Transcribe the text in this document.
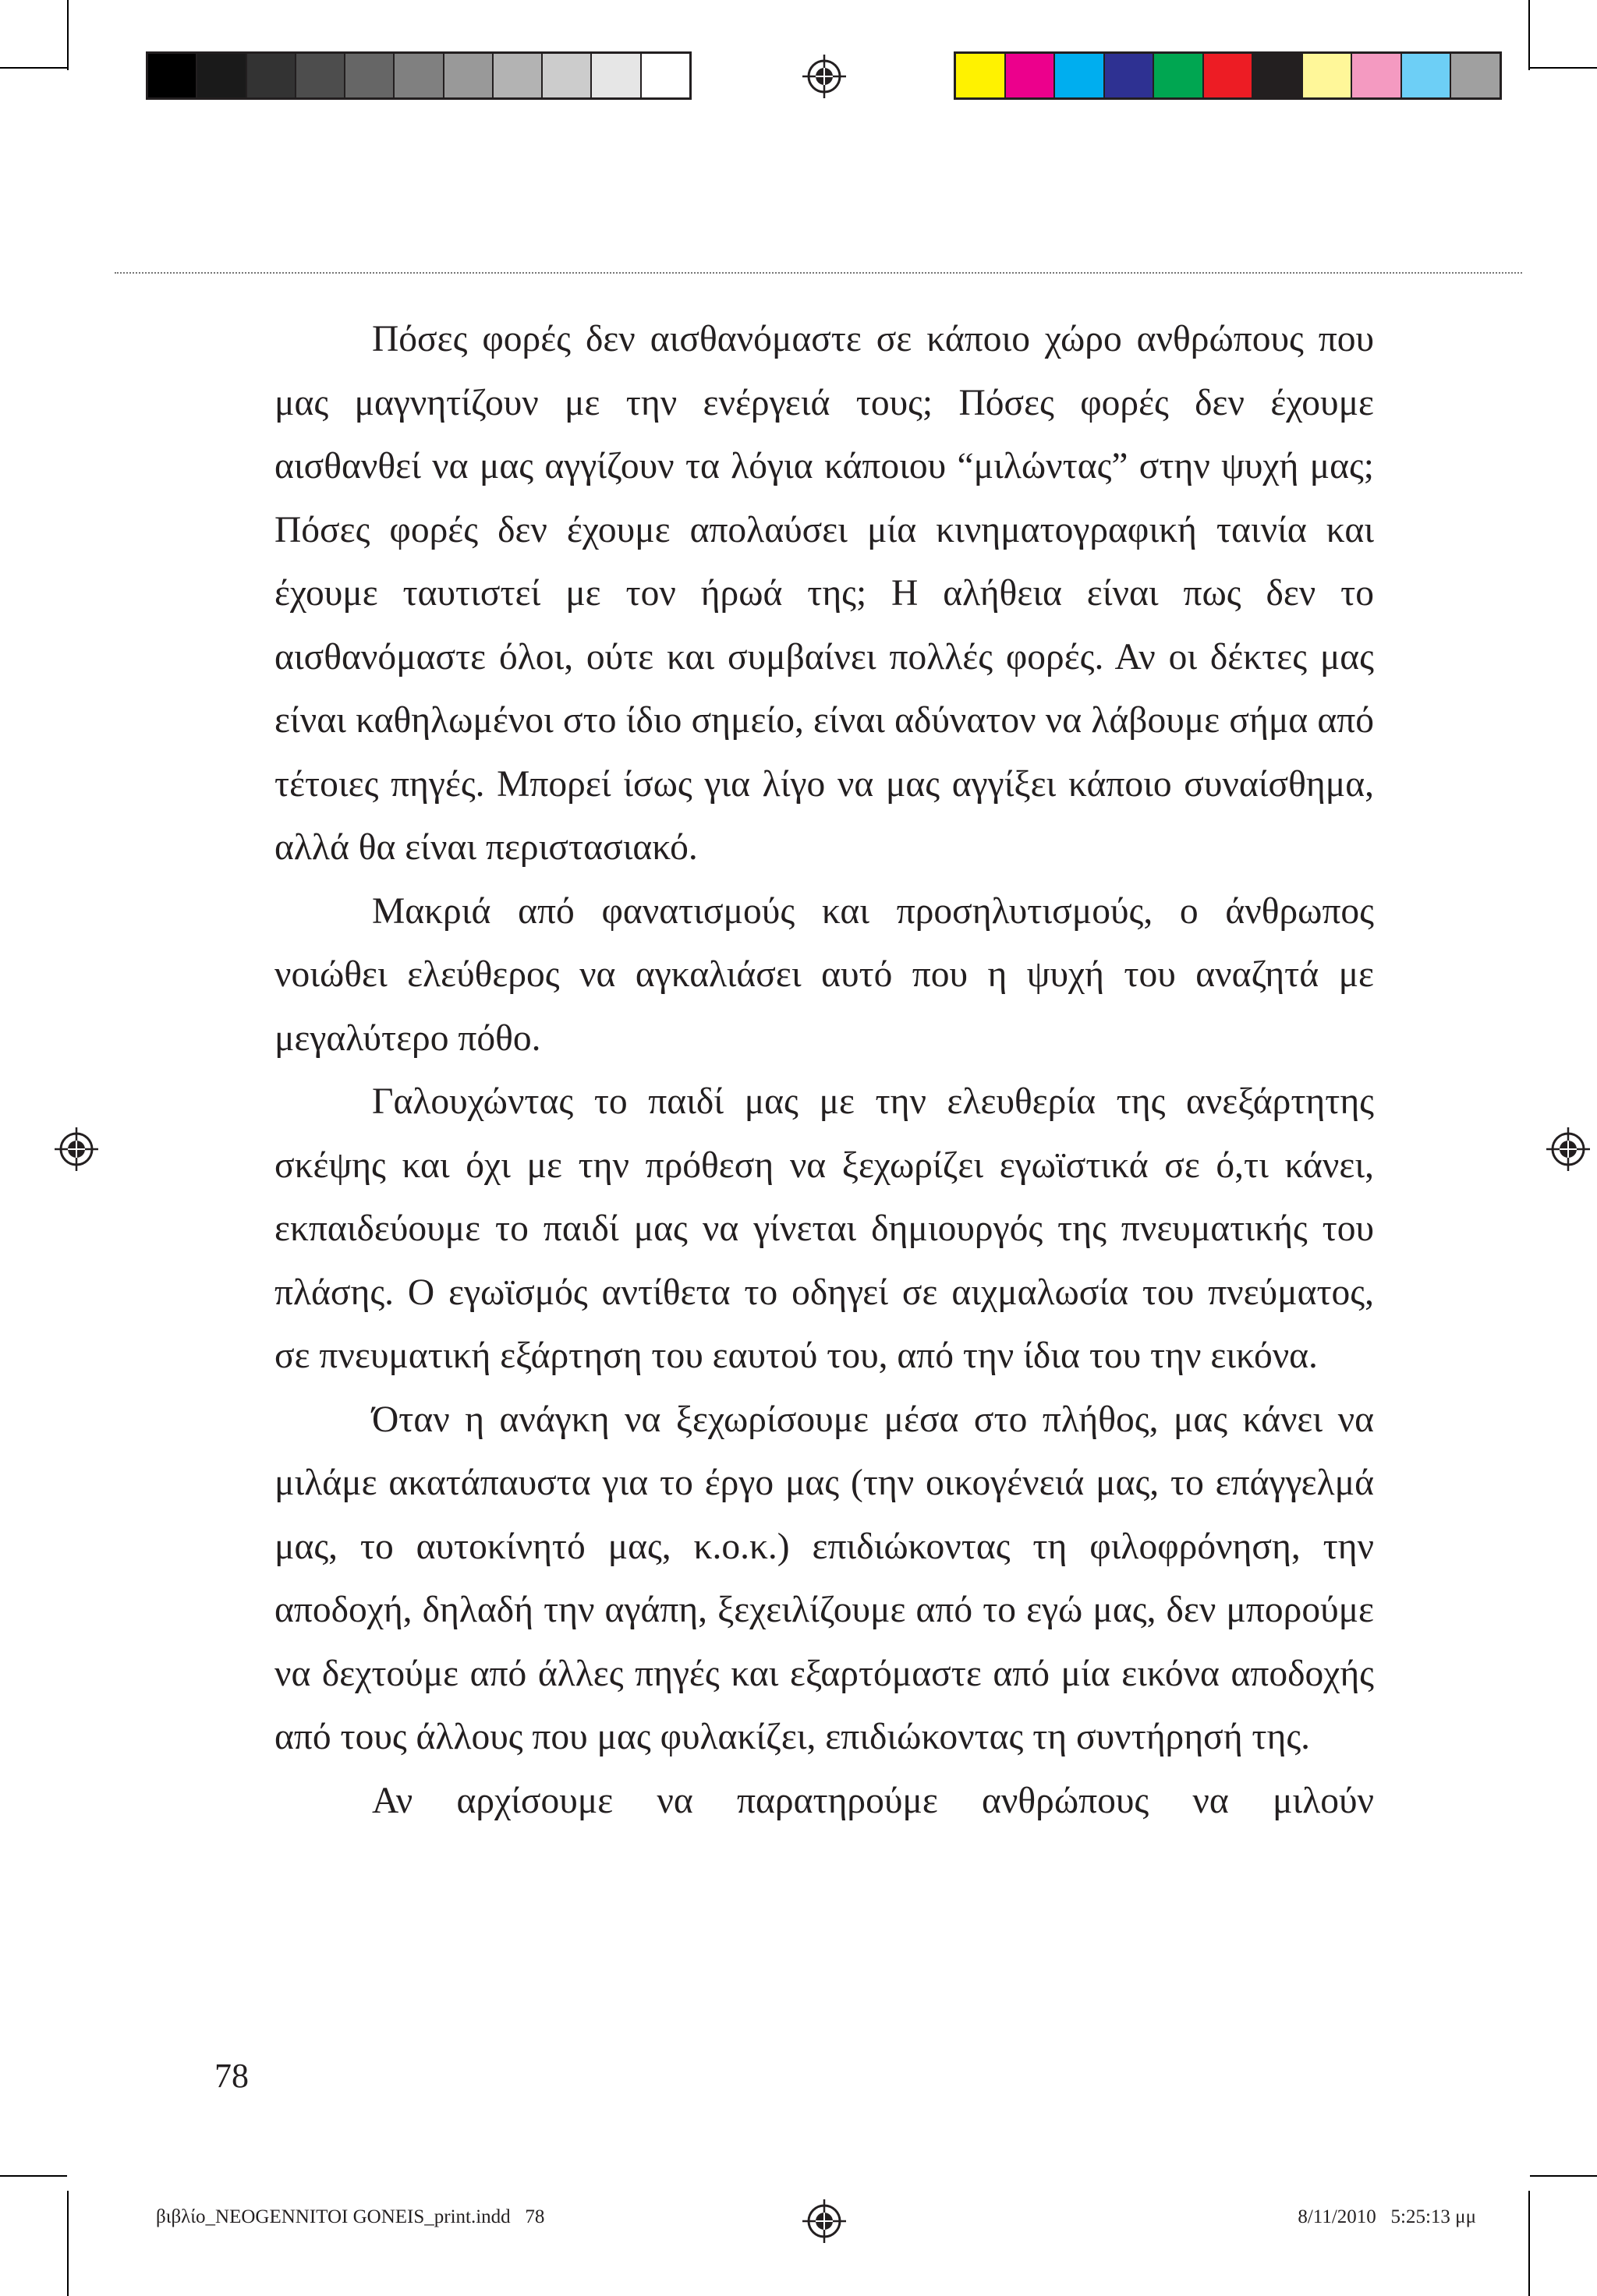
Πόσες φορές δεν αισθανόμαστε σε κάποιο χώρο ανθρώπους που μας μαγνητίζουν με την ενέργειά τους; Πόσες φορές δεν έχουμε αισθανθεί να μας αγγίζουν τα λόγια κάποιου “μιλώντας” στην ψυχή μας; Πόσες φορές δεν έχουμε απολαύσει μία κινηματογραφική ταινία και έχουμε ταυτιστεί με τον ήρωά της; Η αλήθεια είναι πως δεν το αισθανόμαστε όλοι, ούτε και συμβαίνει πολλές φορές. Αν οι δέκτες μας είναι καθηλωμένοι στο ίδιο σημείο, είναι αδύνατον να λάβουμε σήμα από τέτοιες πηγές. Μπορεί ίσως για λίγο να μας αγγίξει κάποιο συναίσθημα, αλλά θα είναι περιστασιακό.

Μακριά από φανατισμούς και προσηλυτισμούς, ο άνθρωπος νοιώθει ελεύθερος να αγκαλιάσει αυτό που η ψυχή του αναζητά με μεγαλύτερο πόθο.

Γαλουχώντας το παιδί μας με την ελευθερία της ανεξάρτητης σκέψης και όχι με την πρόθεση να ξεχωρίζει εγωϊστικά σε ό,τι κάνει, εκπαιδεύουμε το παιδί μας να γίνεται δημιουργός της πνευματικής του πλάσης. Ο εγωϊσμός αντίθετα το οδηγεί σε αιχμαλωσία του πνεύματος, σε πνευματική εξάρτηση του εαυτού του, από την ίδια του την εικόνα.

Όταν η ανάγκη να ξεχωρίσουμε μέσα στο πλήθος, μας κάνει να μιλάμε ακατάπαυστα για το έργο μας (την οικογένειά μας, το επάγγελμά μας, το αυτοκίνητό μας, κ.ο.κ.) επιδιώκοντας τη φιλοφρόνηση, την αποδοχή, δηλαδή την αγάπη, ξεχειλίζουμε από το εγώ μας, δεν μπορούμε να δεχτούμε από άλλες πηγές και εξαρτόμαστε από μία εικόνα αποδοχής από τους άλλους που μας φυλακίζει, επιδιώκοντας τη συντήρησή της.

Αν αρχίσουμε να παρατηρούμε ανθρώπους να μιλούν

78
βιβλίο_NEOGENNITOI GONEIS_print.indd   78	8/11/2010   5:25:13 μμ
